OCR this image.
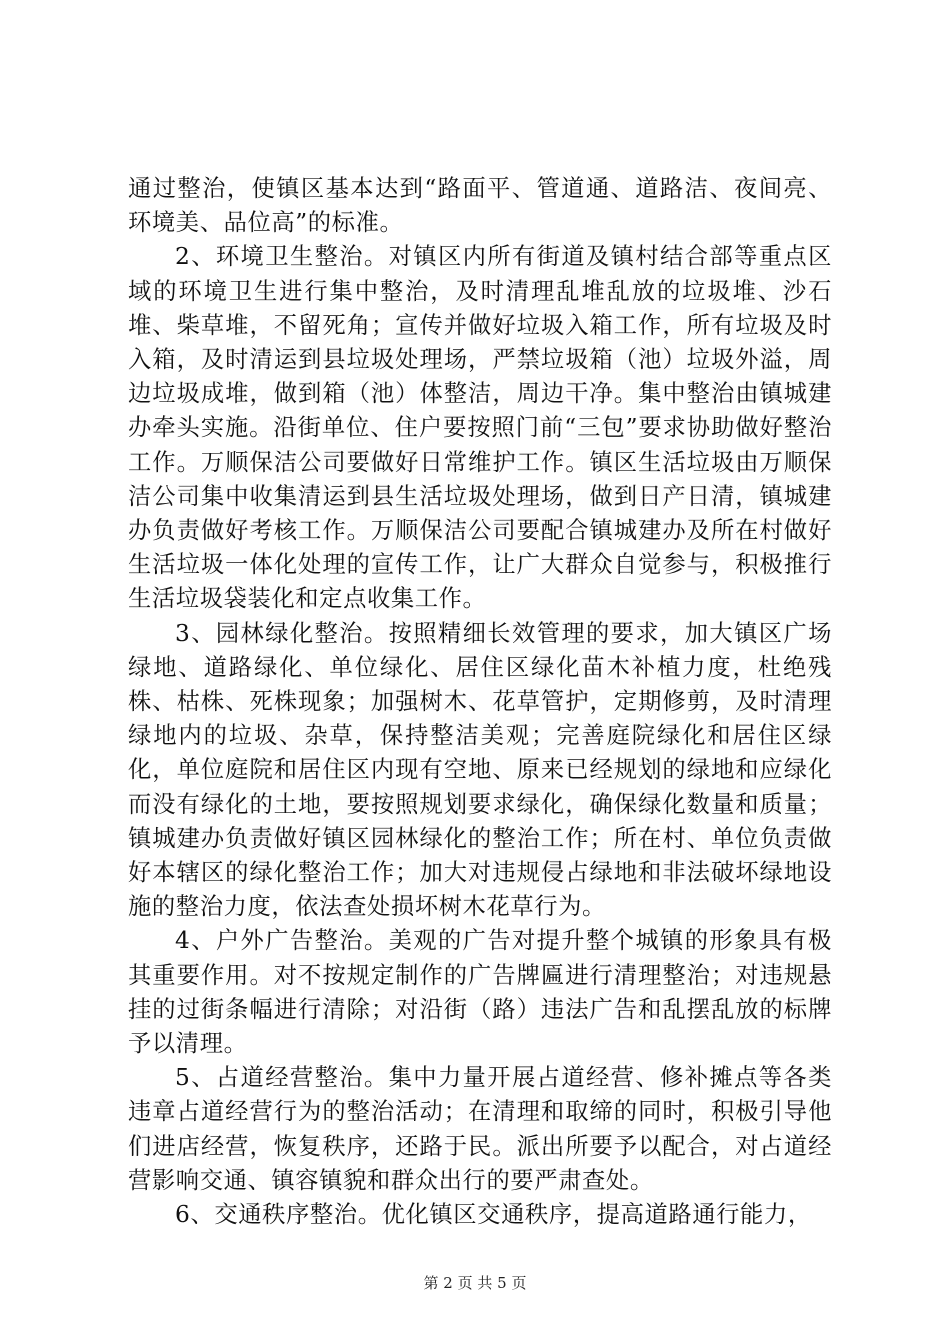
通过整治，使镇区基本达到“路面平、管道通、道路洁、夜间亮、环境美、品位高”的标准。

2、环境卫生整治。对镇区内所有街道及镇村结合部等重点区域的环境卫生进行集中整治，及时清理乱堆乱放的垃圾堆、沙石堆、柴草堆，不留死角；宣传并做好垃圾入箱工作，所有垃圾及时入箱，及时清运到县垃圾处理场，严禁垃圾箱（池）垃圾外溢，周边垃圾成堆，做到箱（池）体整洁，周边干净。集中整治由镇城建办牵头实施。沿街单位、住户要按照门前“三包”要求协助做好整治工作。万顺保洁公司要做好日常维护工作。镇区生活垃圾由万顺保洁公司集中收集清运到县生活垃圾处理场，做到日产日清，镇城建办负责做好考核工作。万顺保洁公司要配合镇城建办及所在村做好生活垃圾一体化处理的宣传工作，让广大群众自觉参与，积极推行生活垃圾袋装化和定点收集工作。

3、园林绿化整治。按照精细长效管理的要求，加大镇区广场绿地、道路绿化、单位绿化、居住区绿化苗木补植力度，杜绝残株、枯株、死株现象；加强树木、花草管护，定期修剪，及时清理绿地内的垃圾、杂草，保持整洁美观；完善庭院绿化和居住区绿化，单位庭院和居住区内现有空地、原来已经规划的绿地和应绿化而没有绿化的土地，要按照规划要求绿化，确保绿化数量和质量；镇城建办负责做好镇区园林绿化的整治工作；所在村、单位负责做好本辖区的绿化整治工作；加大对违规侵占绿地和非法破坏绿地设施的整治力度，依法查处损坏树木花草行为。

4、户外广告整治。美观的广告对提升整个城镇的形象具有极其重要作用。对不按规定制作的广告牌匾进行清理整治；对违规悬挂的过街条幅进行清除；对沿街（路）违法广告和乱摆乱放的标牌予以清理。

5、占道经营整治。集中力量开展占道经营、修补摊点等各类违章占道经营行为的整治活动；在清理和取缔的同时，积极引导他们进店经营，恢复秩序，还路于民。派出所要予以配合，对占道经营影响交通、镇容镇貌和群众出行的要严肃查处。

6、交通秩序整治。优化镇区交通秩序，提高道路通行能力，

第 2 页 共 5 页
